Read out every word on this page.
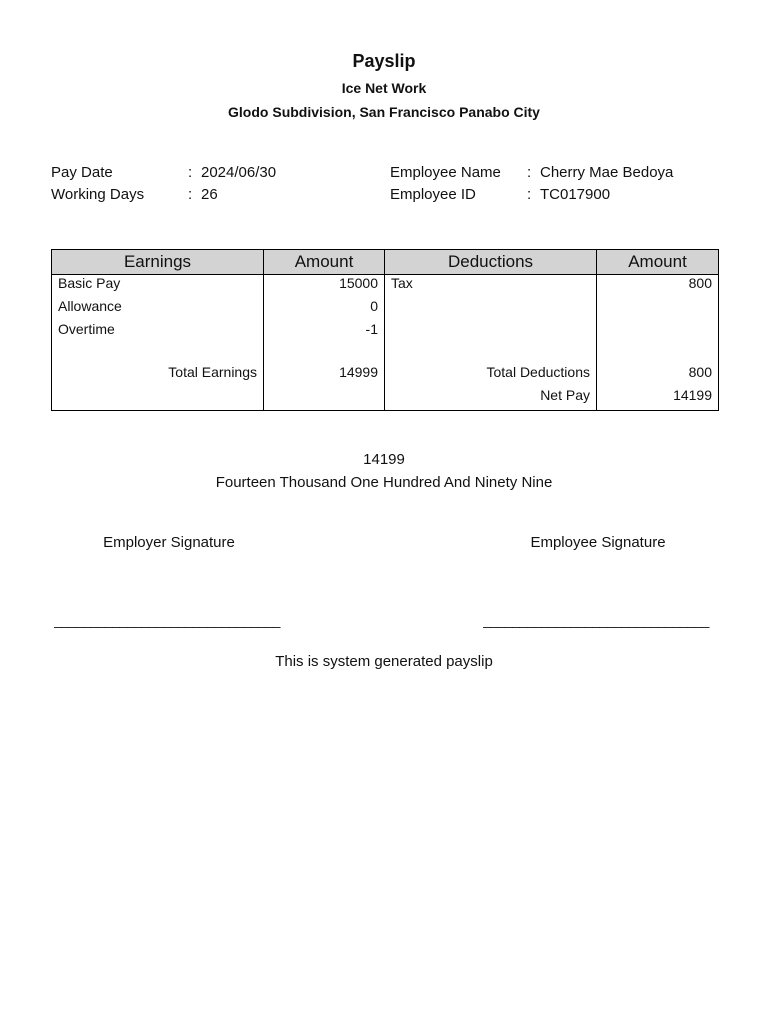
Payslip
Ice Net Work
Glodo Subdivision, San Francisco Panabo City
Pay Date	: 2024/06/30
Working Days	: 26
Employee Name : Cherry Mae Bedoya
Employee ID	: TC017900
Earnings	Amount	Deductions	Amount
Basic Pay	15000	Tax	800
Allowance	0		
Overtime	-1		

Total Earnings	14999	Total Deductions	800
		Net Pay	14199
14199
Fourteen Thousand One Hundred And Ninety Nine
Employer Signature	Employee Signature
_______________________________	_______________________________
This is system generated payslip
